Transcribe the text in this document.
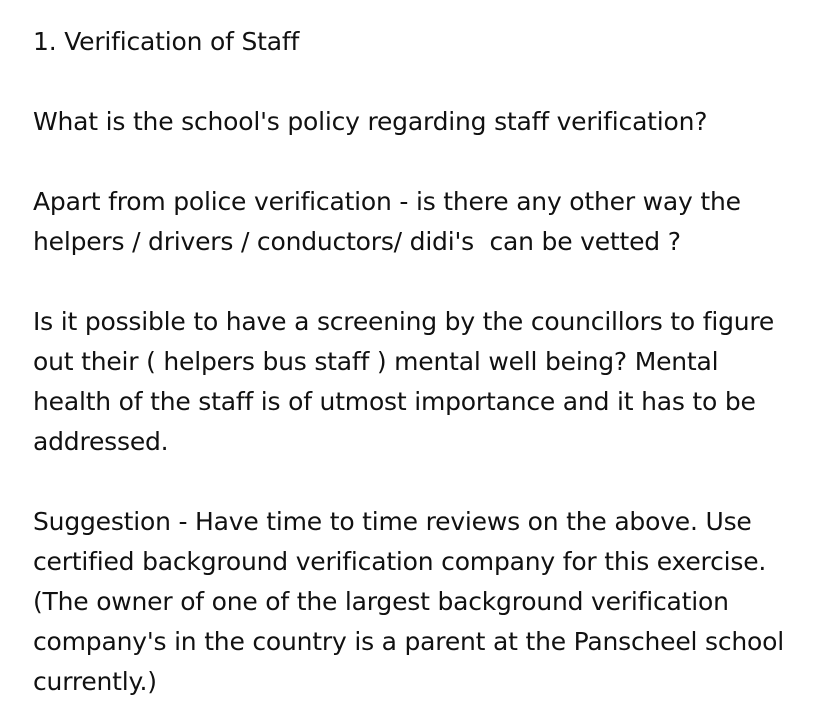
1. Verification of Staff
What is the school's policy regarding staff verification?
Apart from police verification - is there any other way the
helpers / drivers / conductors/ didi's  can be vetted ?
Is it possible to have a screening by the councillors to figure
out their ( helpers bus staff ) mental well being? Mental
health of the staff is of utmost importance and it has to be
addressed.
Suggestion - Have time to time reviews on the above. Use
certified background verification company for this exercise.
(The owner of one of the largest background verification
company's in the country is a parent at the Panscheel school
currently.)
